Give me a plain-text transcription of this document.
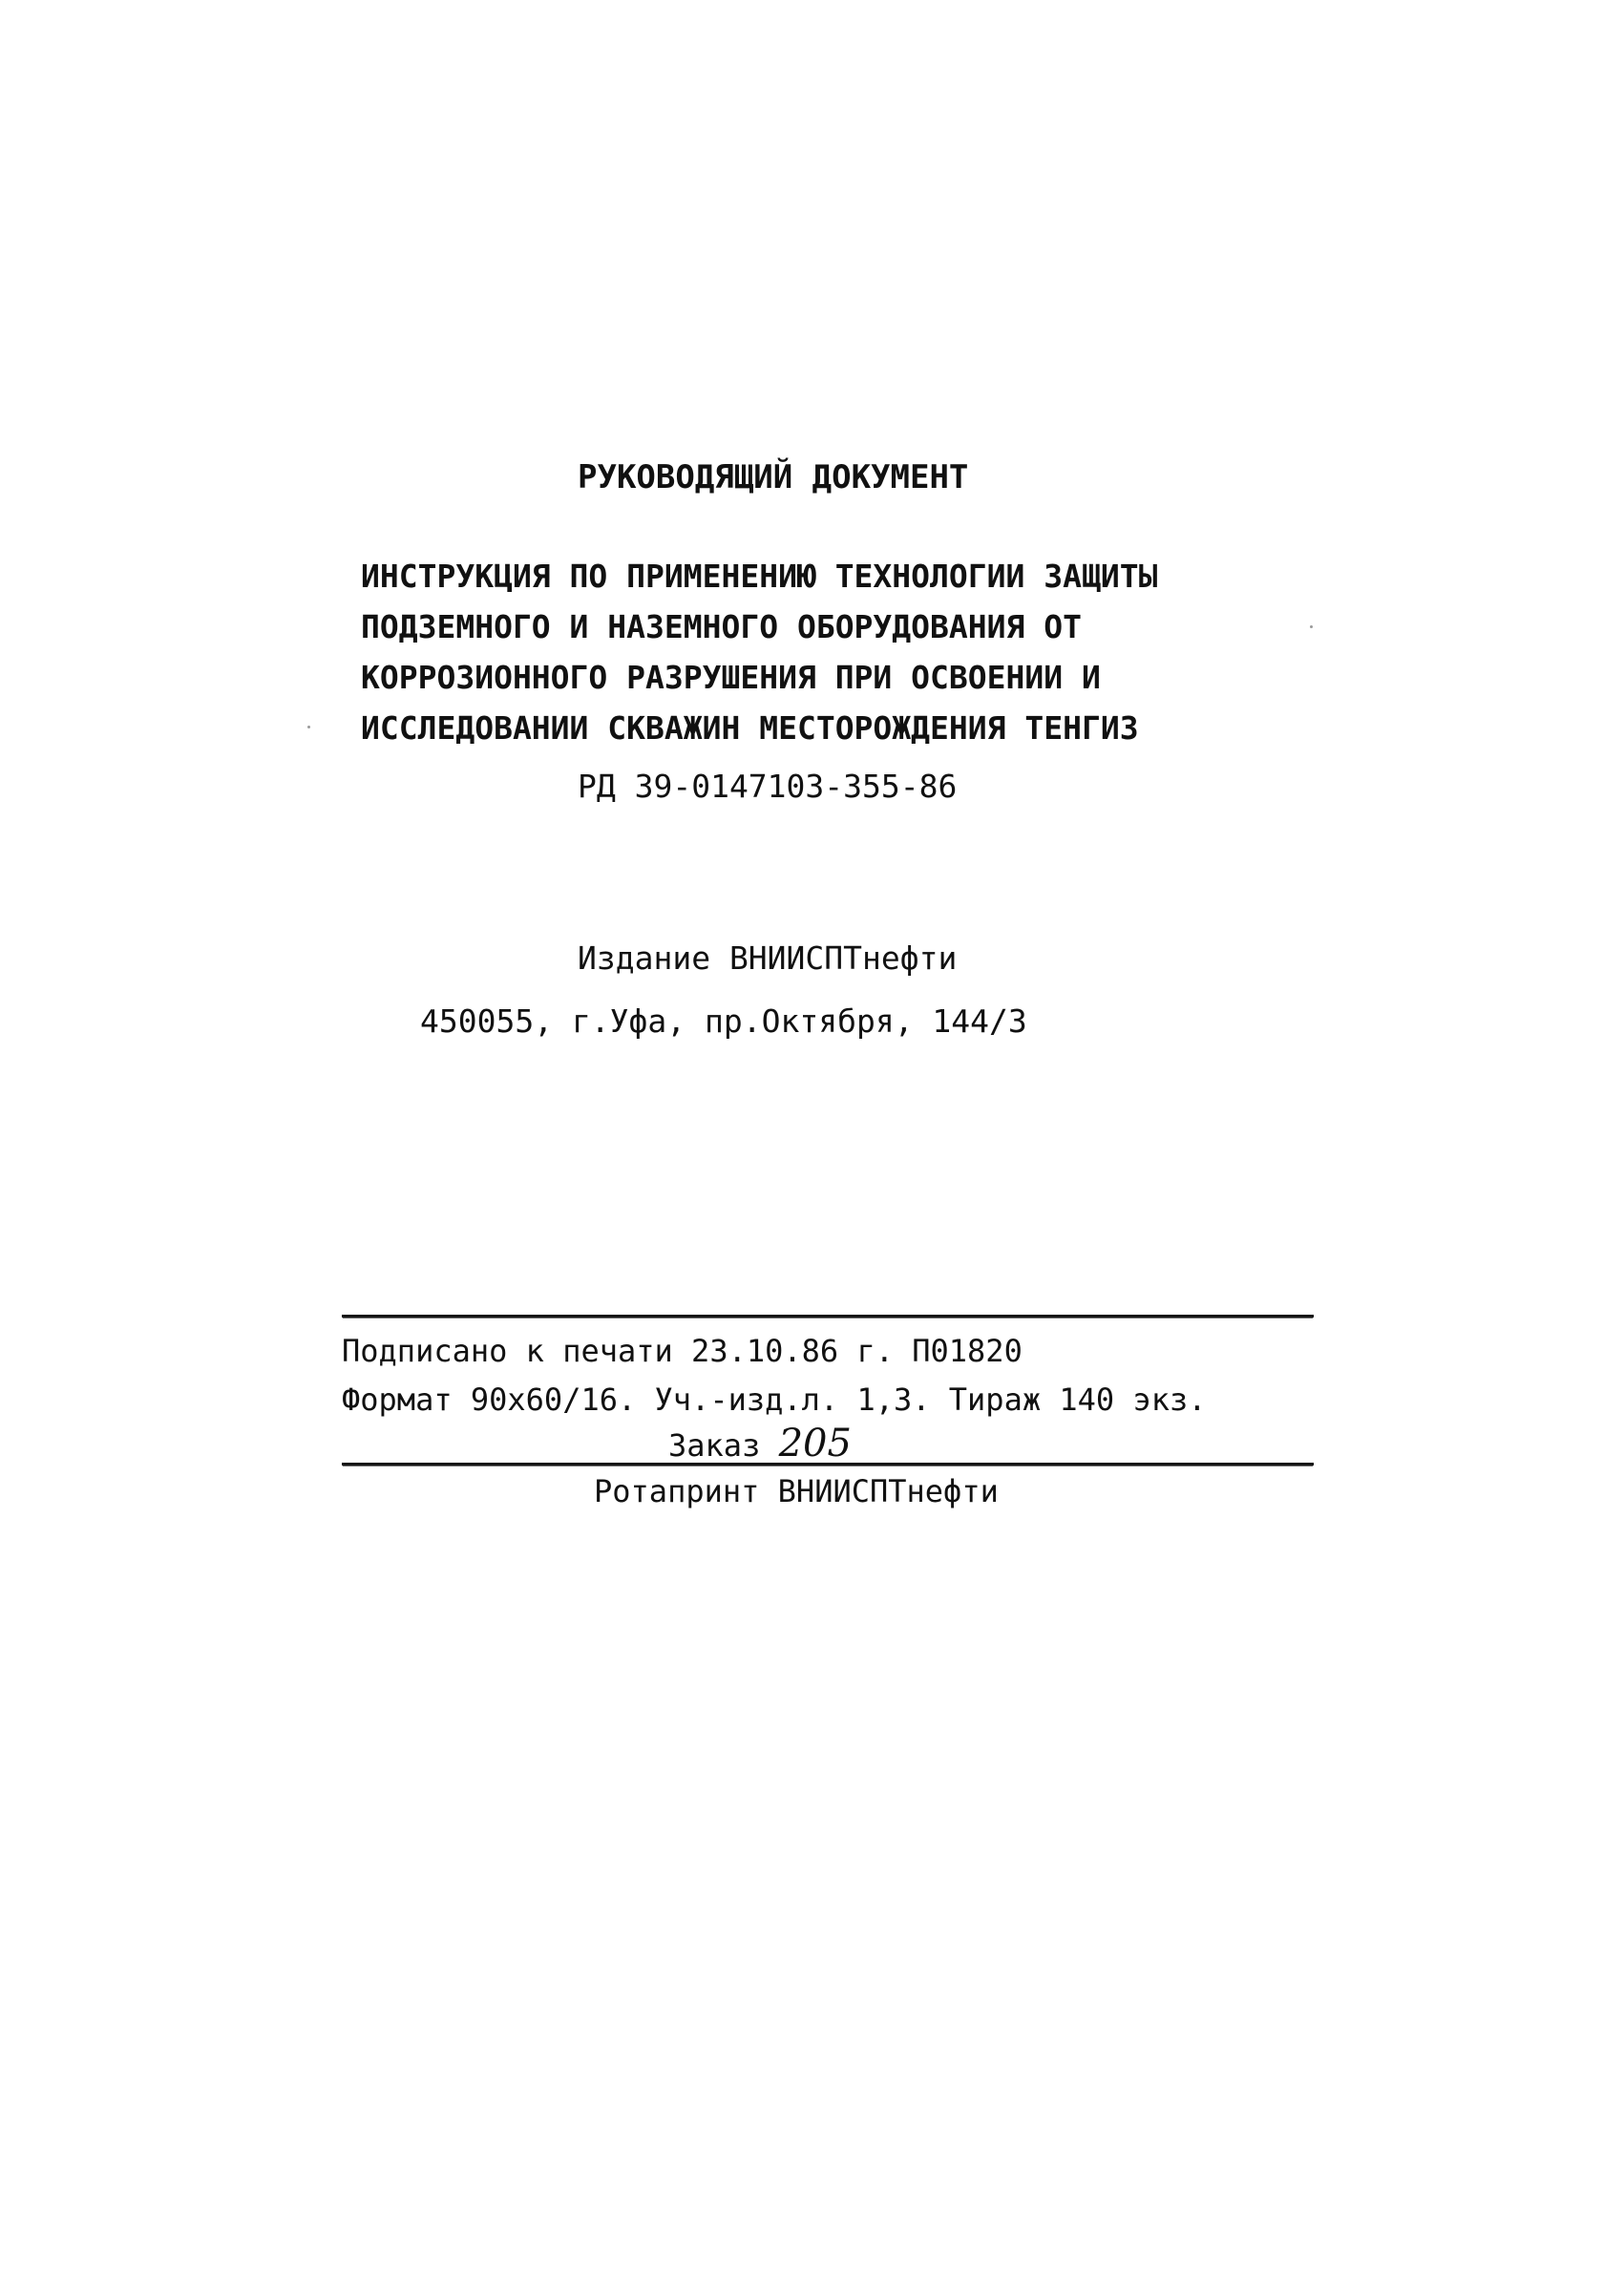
РУКОВОДЯЩИЙ ДОКУМЕНТ
ИНСТРУКЦИЯ ПО ПРИМЕНЕНИЮ ТЕХНОЛОГИИ ЗАЩИТЫ
ПОДЗЕМНОГО И НАЗЕМНОГО ОБОРУДОВАНИЯ ОТ
КОРРОЗИОННОГО РАЗРУШЕНИЯ ПРИ ОСВОЕНИИ И
ИССЛЕДОВАНИИ СКВАЖИН МЕСТОРОЖДЕНИЯ ТЕНГИЗ
РД 39-0147103-355-86
Издание ВНИИСПТнефти
450055, г.Уфа, пр.Октября, 144/3
Подписано к печати 23.10.86 г. П01820
Формат 90х60/16. Уч.-изд.л. 1,3. Тираж 140 экз.
Заказ 205
Ротапринт ВНИИСПТнефти
